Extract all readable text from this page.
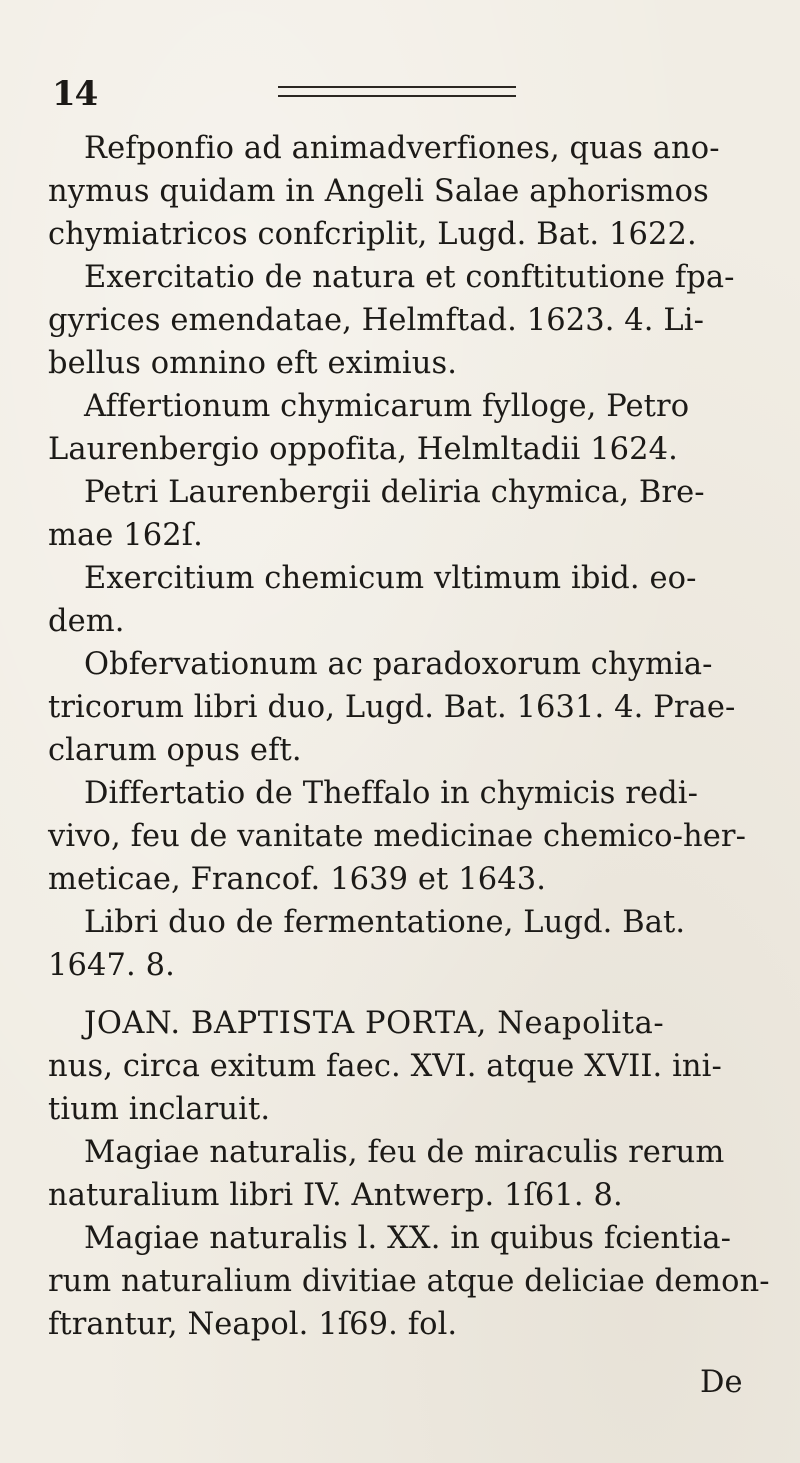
14
Refponfio ad animadverfiones, quas ano-
nymus quidam in Angeli Salae aphorismos
chymiatricos confcriplit, Lugd. Bat. 1622.
Exercitatio de natura et conftitutione fpa-
gyrices emendatae, Helmftad. 1623. 4. Li-
bellus omnino eft eximius.
Affertionum chymicarum fylloge, Petro
Laurenbergio oppofita, Helmltadii 1624.
Petri Laurenbergii deliria chymica, Bre-
mae 162ſ.
Exercitium chemicum vltimum ibid. eo-
dem.
Obfervationum ac paradoxorum chymia-
tricorum libri duo, Lugd. Bat. 1631. 4. Prae-
clarum opus eft.
Differtatio de Theffalo in chymicis redi-
vivo, feu de vanitate medicinae chemico-her-
meticae, Francof. 1639 et 1643.
Libri duo de fermentatione, Lugd. Bat.
1647. 8.
JOAN. BAPTISTA PORTA, Neapolita-
nus, circa exitum faec. XVI. atque XVII. ini-
tium inclaruit.
Magiae naturalis, feu de miraculis rerum
naturalium libri IV. Antwerp. 1ſ61. 8.
Magiae naturalis l. XX. in quibus fcientia-
rum naturalium divitiae atque deliciae demon-
ftrantur, Neapol. 1ſ69. fol.
De
